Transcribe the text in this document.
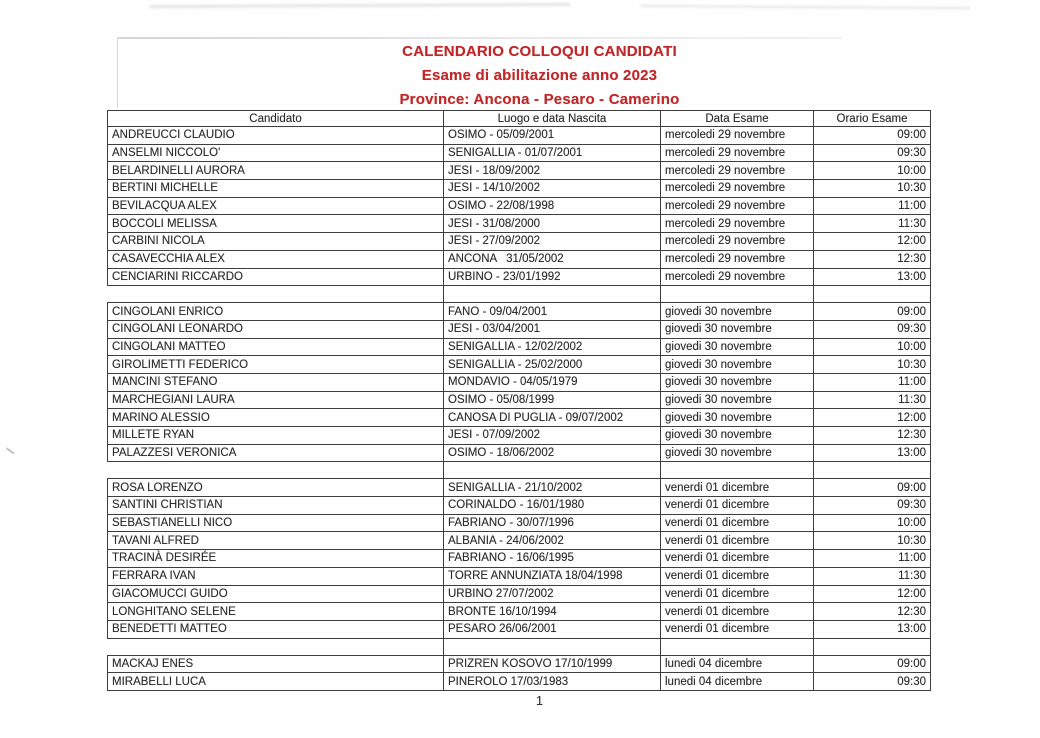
CALENDARIO COLLOQUI CANDIDATI
Esame di abilitazione anno 2023
Province: Ancona - Pesaro - Camerino
Candidato	Luogo e data Nascita	Data Esame	Orario Esame
ANDREUCCI CLAUDIO	OSIMO - 05/09/2001	mercoledi 29 novembre	09:00
ANSELMI NICCOLO'	SENIGALLIA - 01/07/2001	mercoledi 29 novembre	09:30
BELARDINELLI AURORA	JESI - 18/09/2002	mercoledi 29 novembre	10:00
BERTINI MICHELLE	JESI - 14/10/2002	mercoledi 29 novembre	10:30
BEVILACQUA ALEX	OSIMO - 22/08/1998	mercoledi 29 novembre	11:00
BOCCOLI MELISSA	JESI - 31/08/2000	mercoledi 29 novembre	11:30
CARBINI NICOLA	JESI - 27/09/2002	mercoledi 29 novembre	12:00
CASAVECCHIA ALEX	ANCONA   31/05/2002	mercoledi 29 novembre	12:30
CENCIARINI RICCARDO	URBINO - 23/01/1992	mercoledi 29 novembre	13:00

CINGOLANI ENRICO	FANO - 09/04/2001	giovedi 30 novembre	09:00
CINGOLANI LEONARDO	JESI - 03/04/2001	giovedi 30 novembre	09:30
CINGOLANI MATTEO	SENIGALLIA - 12/02/2002	giovedi 30 novembre	10:00
GIROLIMETTI FEDERICO	SENIGALLIA - 25/02/2000	giovedi 30 novembre	10:30
MANCINI STEFANO	MONDAVIO - 04/05/1979	giovedi 30 novembre	11:00
MARCHEGIANI LAURA	OSIMO - 05/08/1999	giovedi 30 novembre	11:30
MARINO ALESSIO	CANOSA DI PUGLIA - 09/07/2002	giovedi 30 novembre	12:00
MILLETE RYAN	JESI - 07/09/2002	giovedi 30 novembre	12:30
PALAZZESI VERONICA	OSIMO - 18/06/2002	giovedi 30 novembre	13:00

ROSA LORENZO	SENIGALLIA - 21/10/2002	venerdi 01 dicembre	09:00
SANTINI CHRISTIAN	CORINALDO - 16/01/1980	venerdi 01 dicembre	09:30
SEBASTIANELLI NICO	FABRIANO - 30/07/1996	venerdi 01 dicembre	10:00
TAVANI ALFRED	ALBANIA - 24/06/2002	venerdi 01 dicembre	10:30
TRACINÀ DESIRÉE	FABRIANO - 16/06/1995	venerdi 01 dicembre	11:00
FERRARA IVAN	TORRE ANNUNZIATA 18/04/1998	venerdi 01 dicembre	11:30
GIACOMUCCI GUIDO	URBINO 27/07/2002	venerdi 01 dicembre	12:00
LONGHITANO SELENE	BRONTE 16/10/1994	venerdi 01 dicembre	12:30
BENEDETTI MATTEO	PESARO 26/06/2001	venerdi 01 dicembre	13:00

MACKAJ ENES	PRIZREN KOSOVO 17/10/1999	lunedi 04 dicembre	09:00
MIRABELLI LUCA	PINEROLO 17/03/1983	lunedi 04 dicembre	09:30
1
